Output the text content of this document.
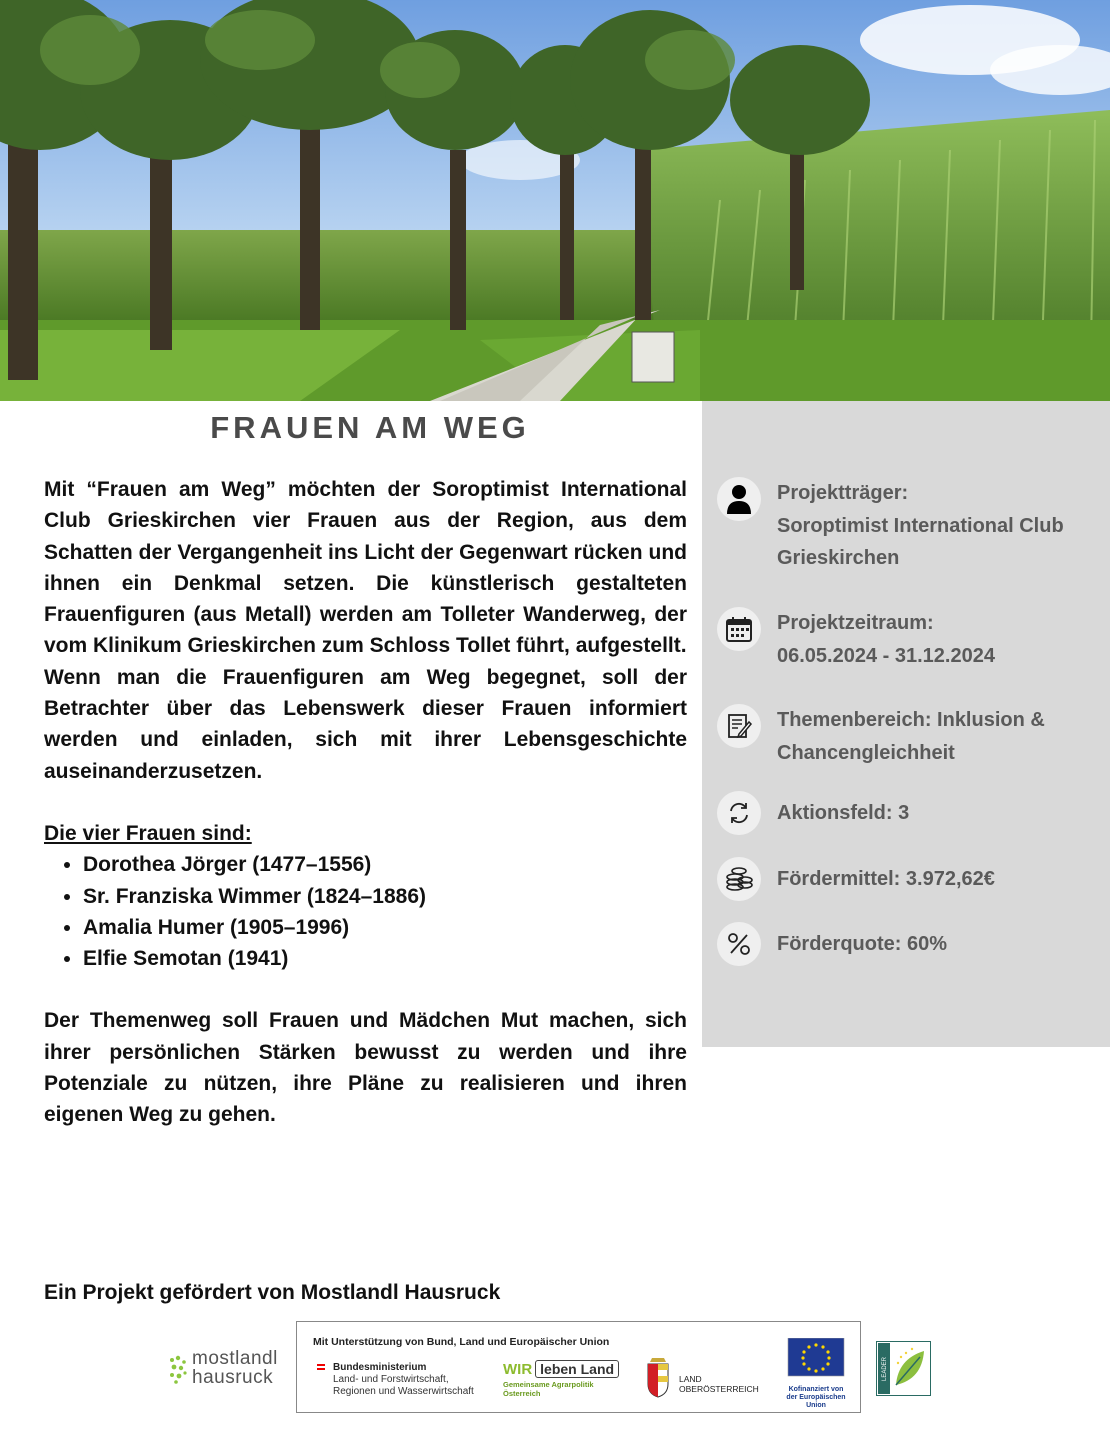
FRAUEN AM WEG

Mit “Frauen am Weg” möchten der Soroptimist International Club Grieskirchen vier Frauen aus der Region, aus dem Schatten der Vergangenheit ins Licht der Gegenwart rücken und ihnen ein Denkmal setzen. Die künstlerisch gestalteten Frauenfiguren (aus Metall) werden am Tolleter Wanderweg, der vom Klinikum Grieskirchen zum Schloss Tollet führt, aufgestellt.

Wenn man die Frauenfiguren am Weg begegnet, soll der Betrachter über das Lebenswerk dieser Frauen informiert werden und einladen, sich mit ihrer Lebensgeschichte auseinanderzusetzen.

Die vier Frauen sind:

• Dorothea Jörger (1477–1556)
• Sr. Franziska Wimmer (1824–1886)
• Amalia Humer (1905–1996)
• Elfie Semotan (1941)

Der Themenweg soll Frauen und Mädchen Mut machen, sich ihrer persönlichen Stärken bewusst zu werden und ihre Potenziale zu nützen, ihre Pläne zu realisieren und ihren eigenen Weg zu gehen.

Projektträger:
Soroptimist International Club Grieskirchen
Projektzeitraum:
06.05.2024 - 31.12.2024
Themenbereich: Inklusion & Chancengleichheit
Aktionsfeld: 3
Fördermittel: 3.972,62€
Förderquote: 60%
Ein Projekt gefördert von Mostlandl Hausruck
mostlandl
hausruck
Mit Unterstützung von Bund, Land und Europäischer Union
Bundesministerium
Land- und Forstwirtschaft,
Regionen und Wasserwirtschaft
WIR leben Land
Gemeinsame Agrarpolitik Österreich
LAND
OBERÖSTERREICH	Kofinanziert von der Europäischen Union
LEADER
